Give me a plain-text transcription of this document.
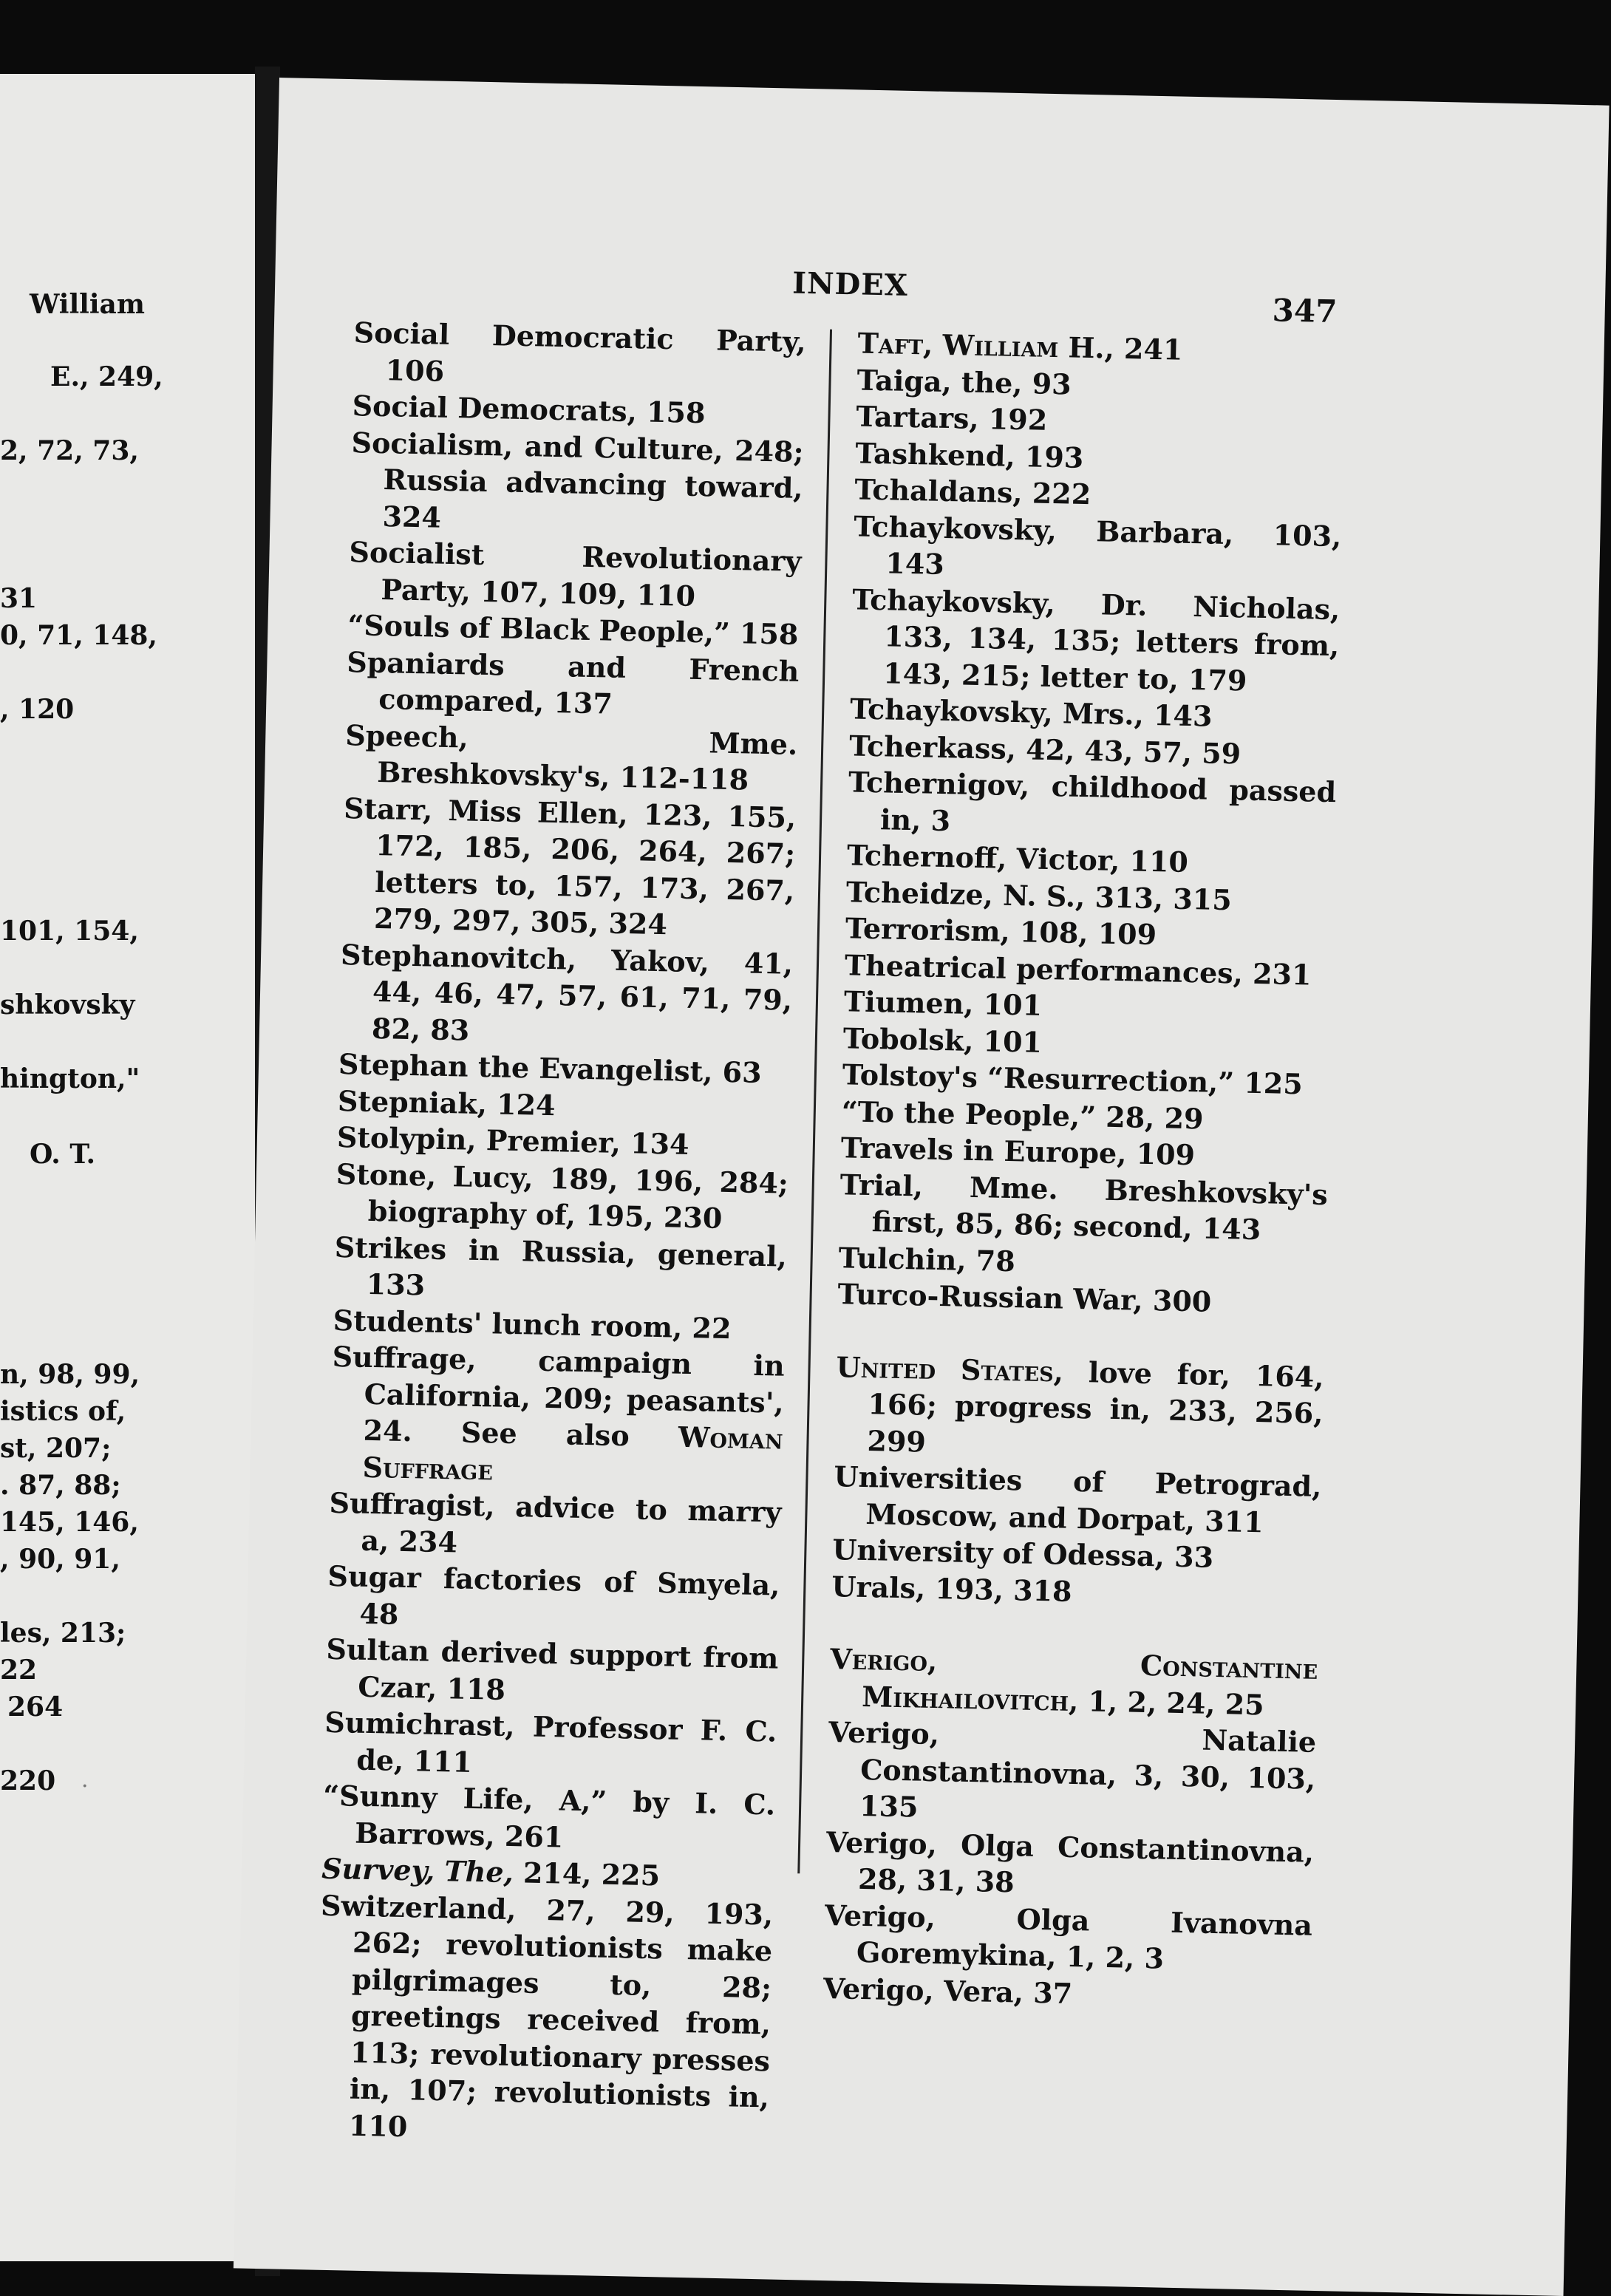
William
E., 249,
2, 72, 73,
31
0, 71, 148,
, 120
101, 154,
shkovsky
hington,"
O. T.
n, 98, 99,
istics of,
st, 207;
. 87, 88;
145, 146,
, 90, 91,
les, 213;
22
264
220
INDEX
347
Social Democratic Party, 106
Social Democrats, 158
Socialism, and Culture, 248; Russia advancing toward, 324
Socialist Revolutionary Party, 107, 109, 110
“Souls of Black People,” 158
Spaniards and French compared, 137
Speech, Mme. Breshkovsky's, 112-118
Starr, Miss Ellen, 123, 155, 172, 185, 206, 264, 267; letters to, 157, 173, 267, 279, 297, 305, 324
Stephanovitch, Yakov, 41, 44, 46, 47, 57, 61, 71, 79, 82, 83
Stephan the Evangelist, 63
Stepniak, 124
Stolypin, Premier, 134
Stone, Lucy, 189, 196, 284; biography of, 195, 230
Strikes in Russia, general, 133
Students' lunch room, 22
Suffrage, campaign in California, 209; peasants', 24. See also Woman Suffrage
Suffragist, advice to marry a, 234
Sugar factories of Smyela, 48
Sultan derived support from Czar, 118
Sumichrast, Professor F. C. de, 111
“Sunny Life, A,” by I. C. Barrows, 261
Survey, The, 214, 225
Switzerland, 27, 29, 193, 262; revolutionists make pilgrimages to, 28; greetings received from, 113; revolutionary presses in, 107; revolutionists in, 110
Taft, William H., 241
Taiga, the, 93
Tartars, 192
Tashkend, 193
Tchaldans, 222
Tchaykovsky, Barbara, 103, 143
Tchaykovsky, Dr. Nicholas, 133, 134, 135; letters from, 143, 215; letter to, 179
Tchaykovsky, Mrs., 143
Tcherkass, 42, 43, 57, 59
Tchernigov, childhood passed in, 3
Tchernoff, Victor, 110
Tcheidze, N. S., 313, 315
Terrorism, 108, 109
Theatrical performances, 231
Tiumen, 101
Tobolsk, 101
Tolstoy's “Resurrection,” 125
“To the People,” 28, 29
Travels in Europe, 109
Trial, Mme. Breshkovsky's first, 85, 86; second, 143
Tulchin, 78
Turco-Russian War, 300
United States, love for, 164, 166; progress in, 233, 256, 299
Universities of Petrograd, Moscow, and Dorpat, 311
University of Odessa, 33
Urals, 193, 318
Verigo, Constantine Mikhailovitch, 1, 2, 24, 25
Verigo, Natalie Constantinovna, 3, 30, 103, 135
Verigo, Olga Constantinovna, 28, 31, 38
Verigo, Olga Ivanovna Goremykina, 1, 2, 3
Verigo, Vera, 37
·
